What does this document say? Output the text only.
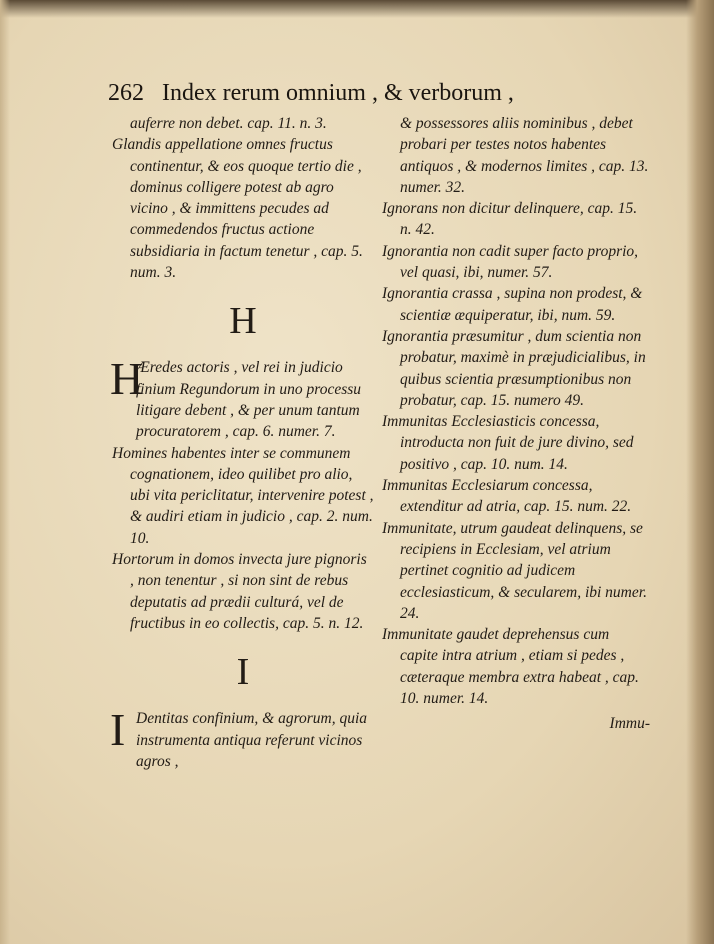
262 Index rerum omnium , & verborum ,

auferre non debet. cap. 11. n. 3.

Glandis appellatione omnes fructus continentur, & eos quoque tertio die , dominus colligere potest ab agro vicino , & immittens pecudes ad commedendos fructus actione subsidiaria in factum tenetur , cap. 5. num. 3.

H

H
Æredes actoris , vel rei in judicio finium Regundorum in uno processu litigare debent , & per unum tantum procuratorem , cap. 6. numer. 7.

Homines habentes inter se communem cognationem, ideo quilibet pro alio, ubi vita periclitatur, intervenire potest , & audiri etiam in judicio , cap. 2. num. 10.

Hortorum in domos invecta jure pignoris , non tenentur , si non sint de rebus deputatis ad prædii culturá, vel de fructibus in eo collectis, cap. 5. n. 12.

I

I Dentitas confinium, & agrorum, quia instrumenta antiqua referunt vicinos agros ,

& possessores aliis nominibus , debet probari per testes notos habentes antiquos , & modernos limites , cap. 13. numer. 32.

Ignorans non dicitur delinquere, cap. 15. n. 42.

Ignorantia non cadit super facto proprio, vel quasi, ibi, numer. 57.

Ignorantia crassa , supina non prodest, & scientiæ æquiperatur, ibi, num. 59.

Ignorantia præsumitur , dum scientia non probatur, maximè in præjudicialibus, in quibus scientia præsumptionibus non probatur, cap. 15. numero 49.

Immunitas Ecclesiasticis concessa, introducta non fuit de jure divino, sed positivo , cap. 10. num. 14.

Immunitas Ecclesiarum concessa, extenditur ad atria, cap. 15. num. 22.

Immunitate, utrum gaudeat delinquens, se recipiens in Ecclesiam, vel atrium pertinet cognitio ad judicem ecclesiasticum, & secularem, ibi numer. 24.

Immunitate gaudet deprehensus cum capite intra atrium , etiam si pedes , cæteraque membra extra habeat , cap. 10. numer. 14.

Immu-
